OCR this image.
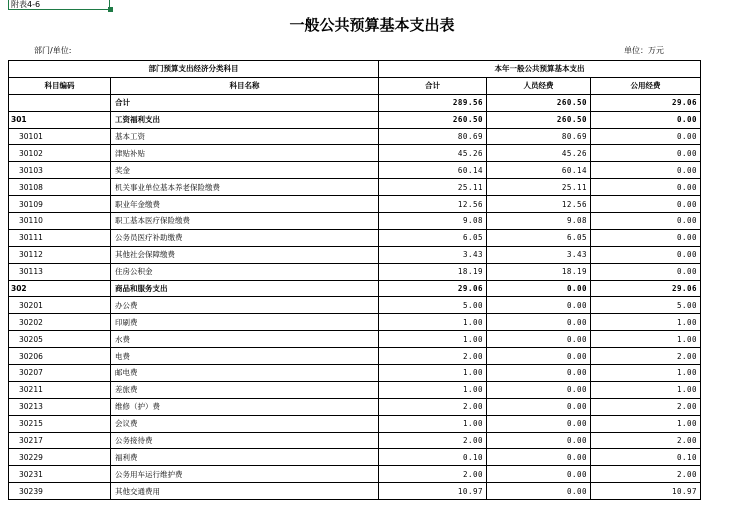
附表4-6
一般公共预算基本支出表
部门/单位:	单位：万元
部门预算支出经济分类科目		本年一般公共预算基本支出		
科目编码	科目名称	合计	人员经费	公用经费
	合计	289.56	260.50	29.06
301	工资福利支出	260.50	260.50	0.00
30101	基本工资	80.69	80.69	0.00
30102	津贴补贴	45.26	45.26	0.00
30103	奖金	60.14	60.14	0.00
30108	机关事业单位基本养老保险缴费	25.11	25.11	0.00
30109	职业年金缴费	12.56	12.56	0.00
30110	职工基本医疗保险缴费	9.08	9.08	0.00
30111	公务员医疗补助缴费	6.05	6.05	0.00
30112	其他社会保障缴费	3.43	3.43	0.00
30113	住房公积金	18.19	18.19	0.00
302	商品和服务支出	29.06	0.00	29.06
30201	办公费	5.00	0.00	5.00
30202	印刷费	1.00	0.00	1.00
30205	水费	1.00	0.00	1.00
30206	电费	2.00	0.00	2.00
30207	邮电费	1.00	0.00	1.00
30211	差旅费	1.00	0.00	1.00
30213	维修（护）费	2.00	0.00	2.00
30215	会议费	1.00	0.00	1.00
30217	公务接待费	2.00	0.00	2.00
30229	福利费	0.10	0.00	0.10
30231	公务用车运行维护费	2.00	0.00	2.00
30239	其他交通费用	10.97	0.00	10.97
